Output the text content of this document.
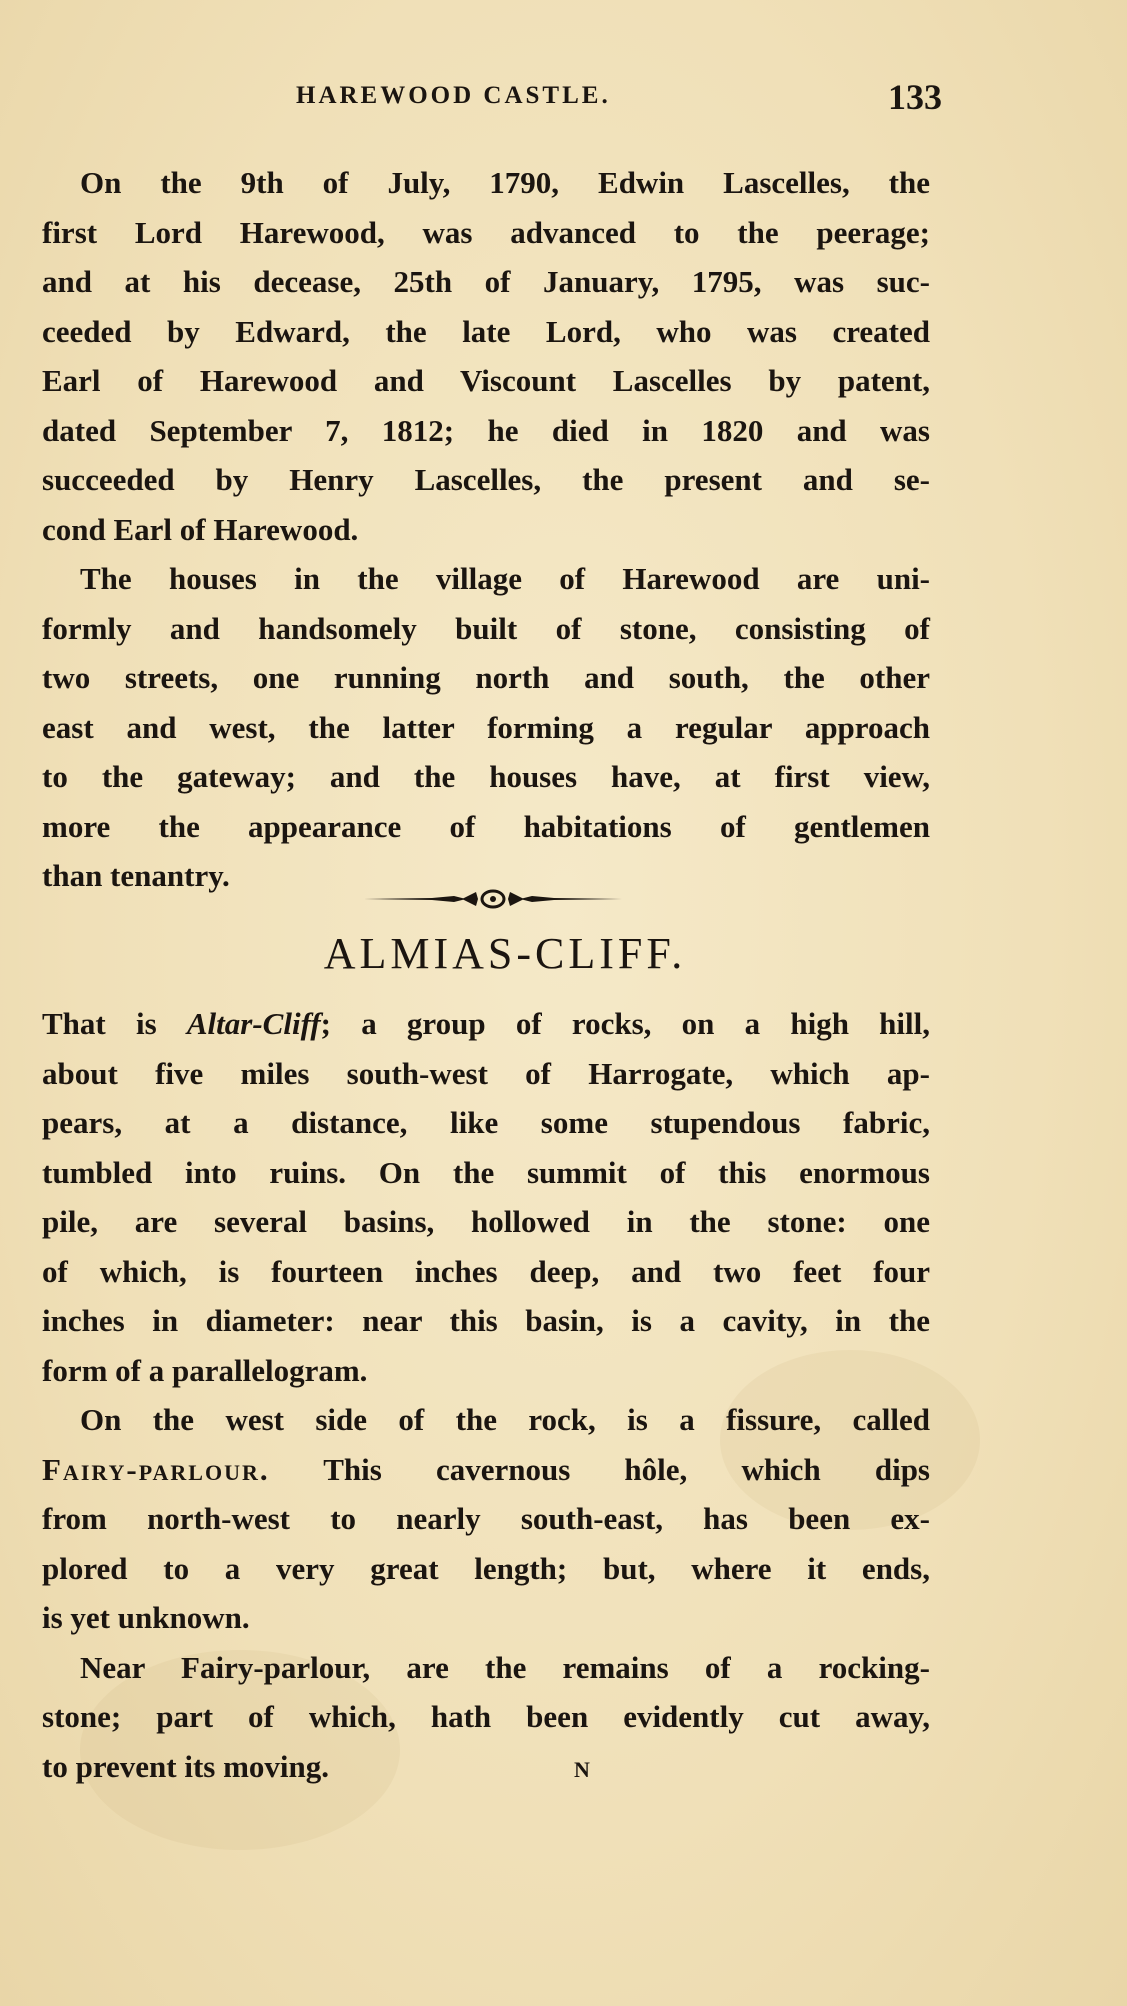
HAREWOOD CASTLE.	133
On the 9th of July, 1790, Edwin Lascelles, the
first Lord Harewood, was advanced to the peerage;
and at his decease, 25th of January, 1795, was suc-
ceeded by Edward, the late Lord, who was created
Earl of Harewood and Viscount Lascelles by patent,
dated September 7, 1812; he died in 1820 and was
succeeded by Henry Lascelles, the present and se-
cond Earl of Harewood.
The houses in the village of Harewood are uni-
formly and handsomely built of stone, consisting of
two streets, one running north and south, the other
east and west, the latter forming a regular approach
to the gateway; and the houses have, at first view,
more the appearance of habitations of gentlemen
than tenantry.
ALMIAS-CLIFF.
That is Altar-Cliff; a group of rocks, on a high hill,
about five miles south-west of Harrogate, which ap-
pears, at a distance, like some stupendous fabric,
tumbled into ruins. On the summit of this enormous
pile, are several basins, hollowed in the stone: one
of which, is fourteen inches deep, and two feet four
inches in diameter: near this basin, is a cavity, in the
form of a parallelogram.
On the west side of the rock, is a fissure, called
Fairy-parlour. This cavernous hôle, which dips
from north-west to nearly south-east, has been ex-
plored to a very great length; but, where it ends,
is yet unknown.
Near Fairy-parlour, are the remains of a rocking-
stone; part of which, hath been evidently cut away,
to prevent its moving.	N
